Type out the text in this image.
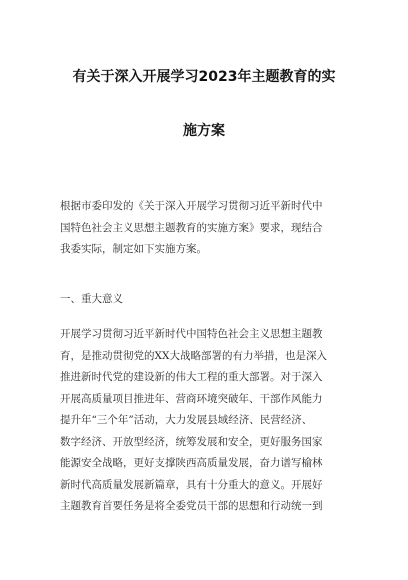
有关于深入开展学习2023年主题教育的实
施方案
根据市委印发的《关于深入开展学习贯彻习近平新时代中
国特色社会主义思想主题教育的实施方案》要求，现结合
我委实际，制定如下实施方案。
一、重大意义
开展学习贯彻习近平新时代中国特色社会主义思想主题教
育，是推动贯彻党的XX大战略部署的有力举措，也是深入
推进新时代党的建设新的伟大工程的重大部署。对于深入
开展高质量项目推进年、营商环境突破年、干部作风能力
提升年“三个年”活动，大力发展县域经济、民营经济、
数字经济、开放型经济，统筹发展和安全，更好服务国家
能源安全战略，更好支撑陕西高质量发展，奋力谱写榆林
新时代高质量发展新篇章，具有十分重大的意义。开展好
主题教育首要任务是将全委党员干部的思想和行动统一到
